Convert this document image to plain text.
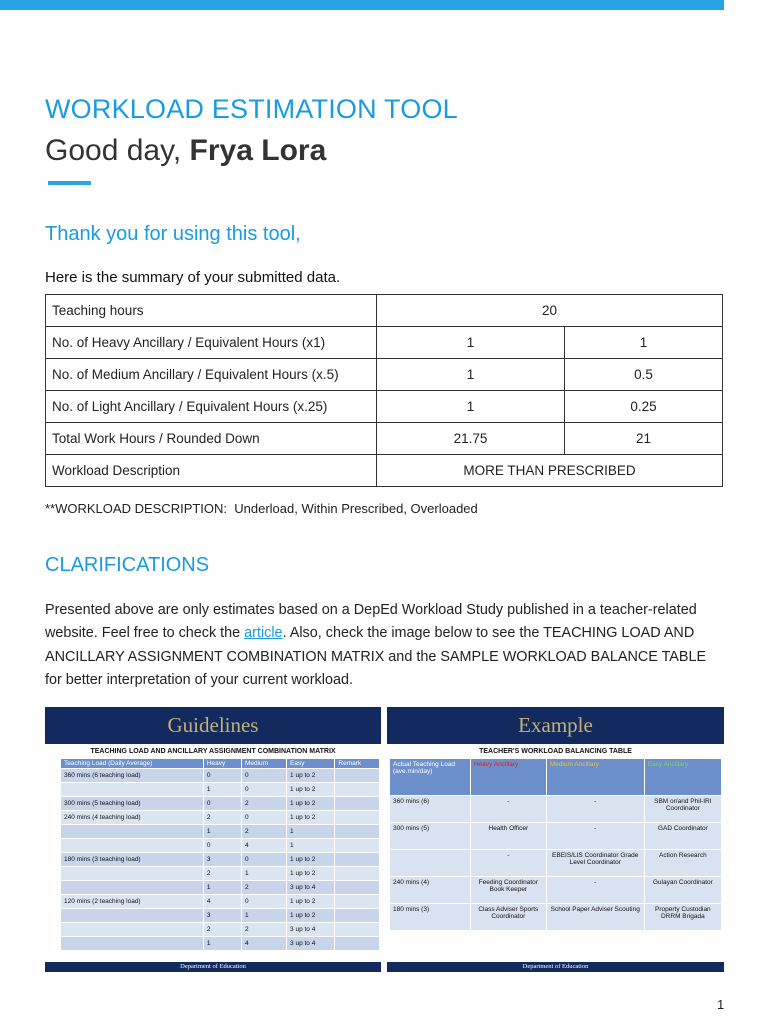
WORKLOAD ESTIMATION TOOL
Good day, Frya Lora
Thank you for using this tool,
Here is the summary of your submitted data.
Teaching hours	20	
No. of Heavy Ancillary / Equivalent Hours (x1)	1	1
No. of Medium Ancillary / Equivalent Hours (x.5)	1	0.5
No. of Light Ancillary / Equivalent Hours (x.25)	1	0.25
Total Work Hours / Rounded Down	21.75	21
Workload Description	MORE THAN PRESCRIBED	
**WORKLOAD DESCRIPTION:  Underload, Within Prescribed, Overloaded
CLARIFICATIONS
Presented above are only estimates based on a DepEd Workload Study published in a teacher-related website. Feel free to check the article. Also, check the image below to see the TEACHING LOAD AND ANCILLARY ASSIGNMENT COMBINATION MATRIX and the SAMPLE WORKLOAD BALANCE TABLE for better interpretation of your current workload.
Guidelines
TEACHING LOAD AND ANCILLARY ASSIGNMENT COMBINATION MATRIX
Teaching Load (Daily Average)	Heavy	Medium	Easy	Remark
360 mins (6 teaching load)	0	0	1 up to 2	
	1	0	1 up to 2	
300 mins (5 teaching load)	0	2	1 up to 2	
240 mins (4 teaching load)	2	0	1 up to 2	
	1	2	1	
	0	4	1	
180 mins (3 teaching load)	3	0	1 up to 2	
	2	1	1 up to 2	
	1	2	3 up to 4	
120 mins (2 teaching load)	4	0	1 up to 2	
	3	1	1 up to 2	
	2	2	3 up to 4	
	1	4	3 up to 4	
Department of Education
Example
TEACHER'S WORKLOAD BALANCING TABLE
Actual Teaching Load (ave.min/day)	Heavy Ancillary	Medium Ancillary	Easy Ancillary
360 mins (6)	-	-	SBM or/and Phil-IRI Coordinator
300 mins (5)	Health Officer	-	GAD Coordinator
	-	EBEIS/LIS Coordinator Grade Level Coordinator	Action Research
240 mins (4)	Feeding Coordinator Book Keeper	-	Gulayan Coordinator
180 mins (3)	Class Adviser Sports Coordinator	School Paper Adviser Scouting	Property Custodian DRRM Brigada
Department of Education
1
